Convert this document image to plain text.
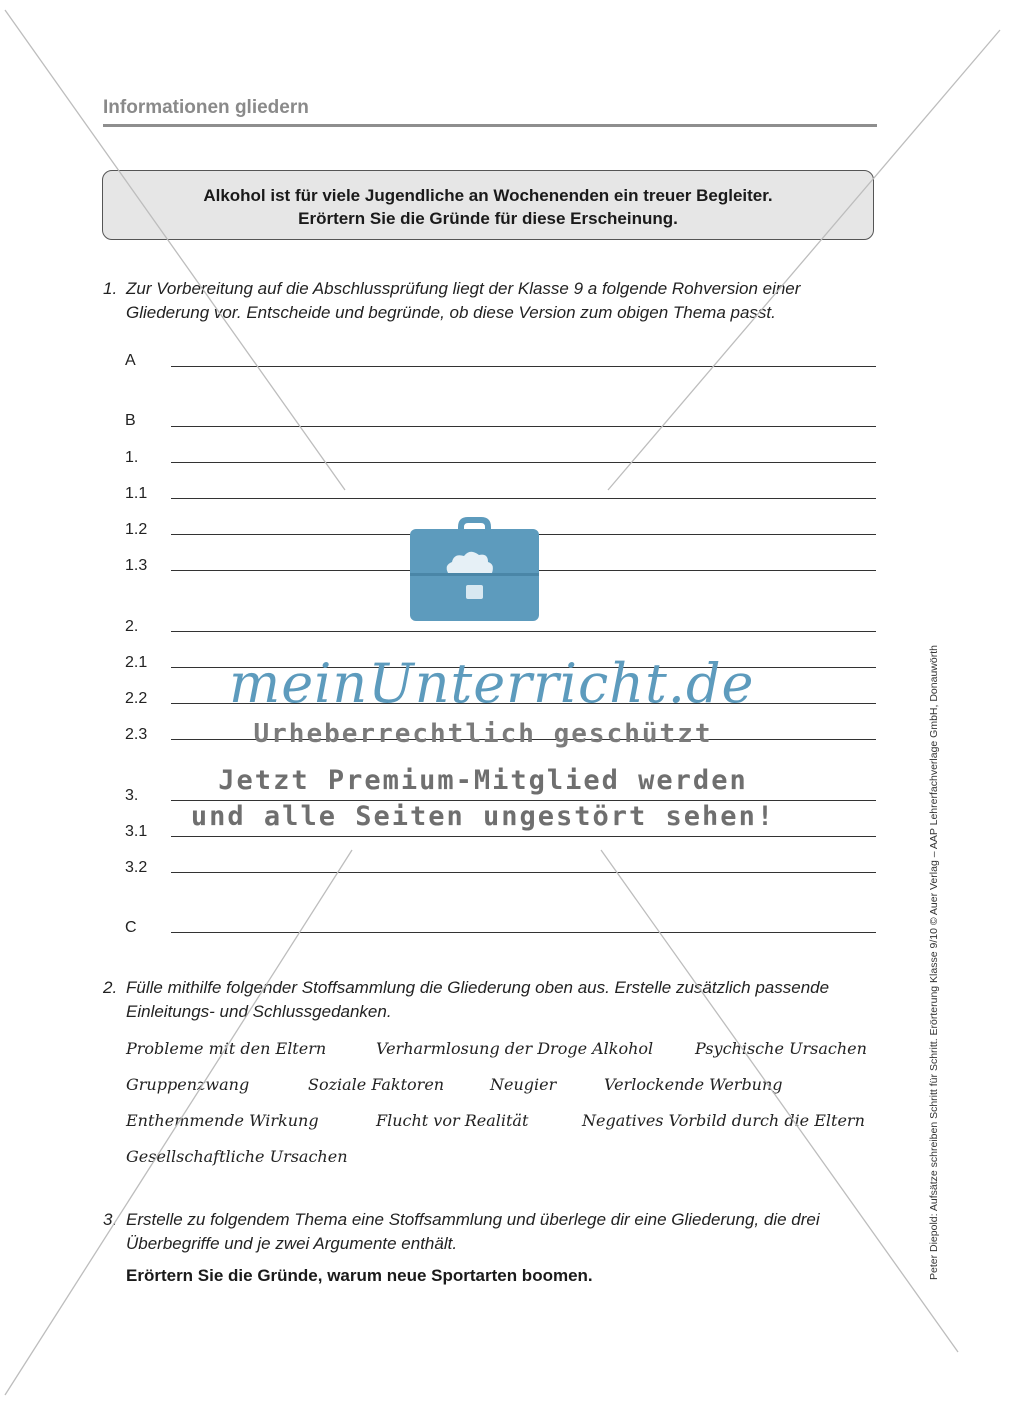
Informationen gliedern
Alkohol ist für viele Jugendliche an Wochenenden ein treuer Begleiter.
Erörtern Sie die Gründe für diese Erscheinung.
1. Zur Vorbereitung auf die Abschlussprüfung liegt der Klasse 9 a folgende Rohversion einer Gliederung vor. Entscheide und begründe, ob diese Version zum obigen Thema passt.
A
B
1.
1.1
1.2
1.3
2.
2.1
2.2
2.3
3.
3.1
3.2
C
2. Fülle mithilfe folgender Stoffsammlung die Gliederung oben aus. Erstelle zusätzlich passende Einleitungs- und Schlussgedanken.
Probleme mit den Eltern	Verharmlosung der Droge Alkohol	Psychische Ursachen
Gruppenzwang	Soziale Faktoren	Neugier	Verlockende Werbung
Enthemmende Wirkung	Flucht vor Realität	Negatives Vorbild durch die Eltern
Gesellschaftliche Ursachen
3. Erstelle zu folgendem Thema eine Stoffsammlung und überlege dir eine Gliederung, die drei Überbegriffe und je zwei Argumente enthält.
Erörtern Sie die Gründe, warum neue Sportarten boomen.	Peter Diepold: Aufsätze schreiben Schritt für Schritt. Erörterung Klasse 9/10 © Auer Verlag – AAP Lehrerfachverlage GmbH, Donauwörth
meinUnterricht.de
Urheberrechtlich geschützt
Jetzt Premium-Mitglied werden
und alle Seiten ungestört sehen!
